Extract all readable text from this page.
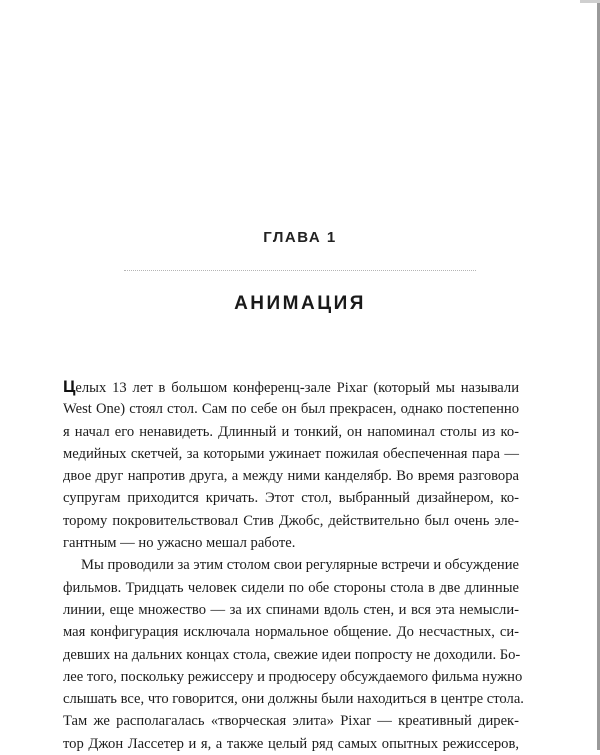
ГЛАВА 1
АНИМАЦИЯ
Целых 13 лет в большом конференц-зале Pixar (который мы называли
West One) стоял стол. Сам по себе он был прекрасен, однако постепенно
я начал его ненавидеть. Длинный и тонкий, он напоминал столы из ко-
медийных скетчей, за которыми ужинает пожилая обеспеченная пара —
двое друг напротив друга, а между ними канделябр. Во время разговора
супругам приходится кричать. Этот стол, выбранный дизайнером, ко-
торому покровительствовал Стив Джобс, действительно был очень эле-
гантным — но ужасно мешал работе.
Мы проводили за этим столом свои регулярные встречи и обсуждение
фильмов. Тридцать человек сидели по обе стороны стола в две длинные
линии, еще множество — за их спинами вдоль стен, и вся эта немысли-
мая конфигурация исключала нормальное общение. До несчастных, си-
девших на дальних концах стола, свежие идеи попросту не доходили. Бо-
лее того, поскольку режиссеру и продюсеру обсуждаемого фильма нужно
слышать все, что говорится, они должны были находиться в центре стола.
Там же располагалась «творческая элита» Pixar — креативный дирек-
тор Джон Лассетер и я, а также целый ряд самых опытных режиссеров,
